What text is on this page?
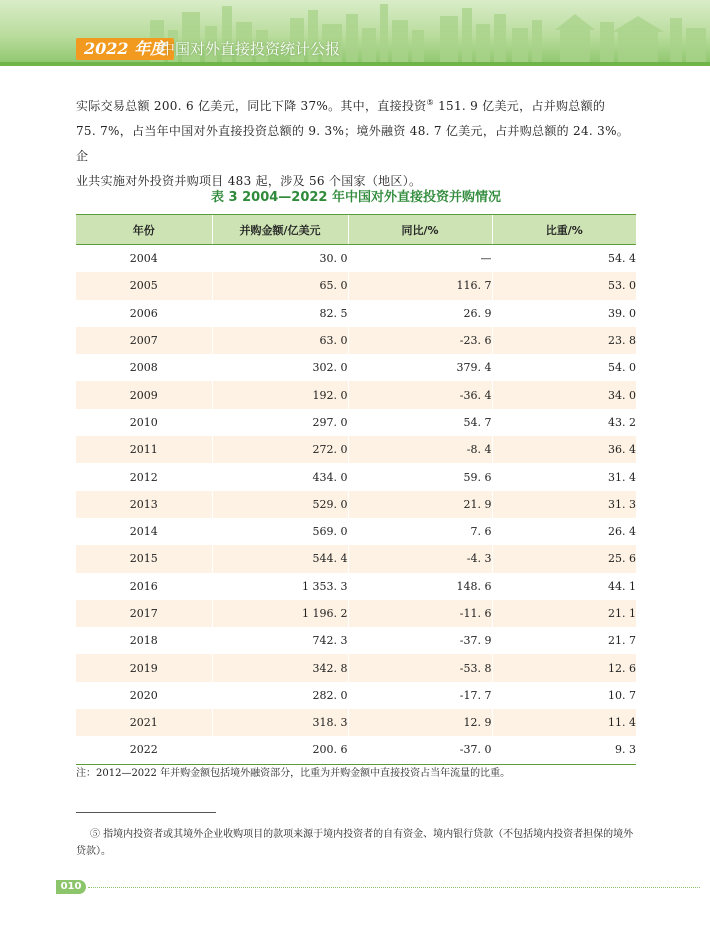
2022 年度
中国对外直接投资统计公报

实际交易总额 200. 6 亿美元，同比下降 37%。其中，直接投资⑤ 151. 9 亿美元，占并购总额的

75. 7%，占当年中国对外直接投资总额的 9. 3%；境外融资 48. 7 亿美元，占并购总额的 24. 3%。企

业共实施对外投资并购项目 483 起，涉及 56 个国家（地区）。

表 3 2004—2022 年中国对外直接投资并购情况
年份	并购金额/亿美元	同比/%	比重/%
2004	30. 0	—	54. 4
2005	65. 0	116. 7	53. 0
2006	82. 5	26. 9	39. 0
2007	63. 0	-23. 6	23. 8
2008	302. 0	379. 4	54. 0
2009	192. 0	-36. 4	34. 0
2010	297. 0	54. 7	43. 2
2011	272. 0	-8. 4	36. 4
2012	434. 0	59. 6	31. 4
2013	529. 0	21. 9	31. 3
2014	569. 0	7. 6	26. 4
2015	544. 4	-4. 3	25. 6
2016	1 353. 3	148. 6	44. 1
2017	1 196. 2	-11. 6	21. 1
2018	742. 3	-37. 9	21. 7
2019	342. 8	-53. 8	12. 6
2020	282. 0	-17. 7	10. 7
2021	318. 3	12. 9	11. 4
2022	200. 6	-37. 0	9. 3
注：2012—2022 年并购金额包括境外融资部分，比重为并购金额中直接投资占当年流量的比重。
⑤ 指境内投资者或其境外企业收购项目的款项来源于境内投资者的自有资金、境内银行贷款（不包括境内投资者担保的境外贷款）。
010
